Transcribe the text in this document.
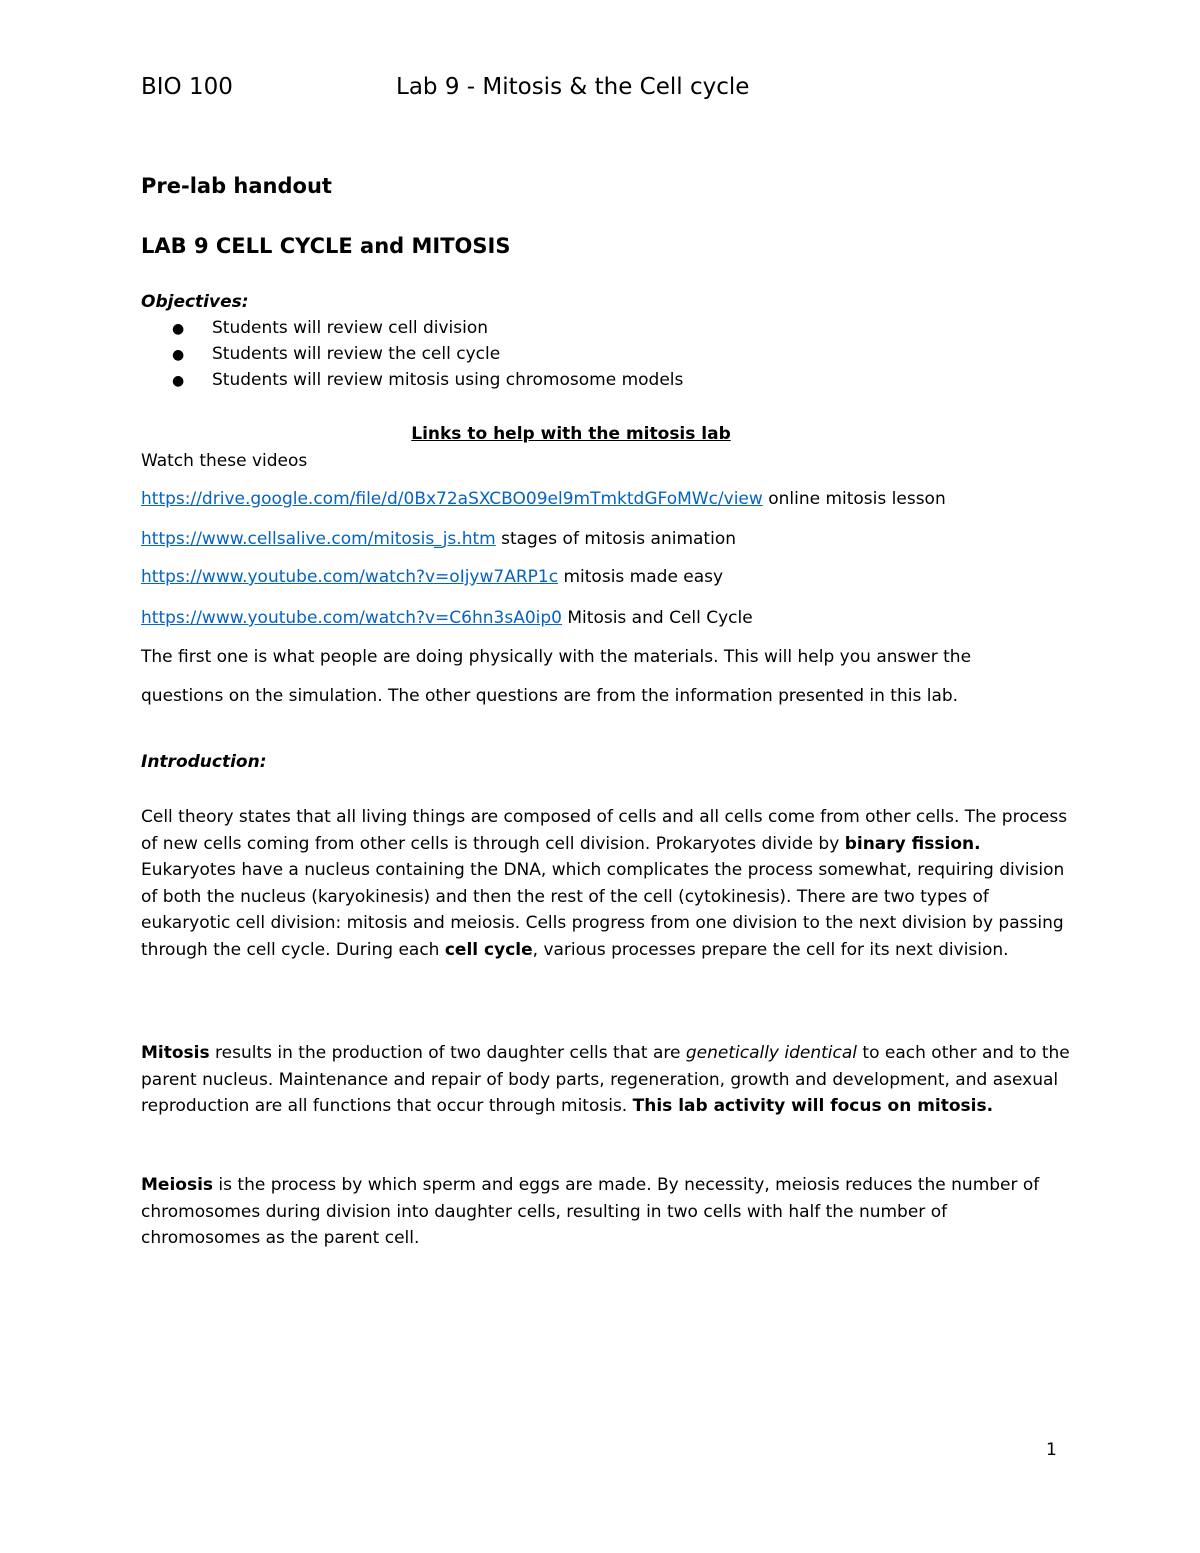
BIO 100	Lab 9 - Mitosis & the Cell cycle
Pre-lab handout
LAB 9 CELL CYCLE and MITOSIS
Objectives:
● Students will review cell division
● Students will review the cell cycle
● Students will review mitosis using chromosome models
Links to help with the mitosis lab
Watch these videos
https://drive.google.com/file/d/0Bx72aSXCBO09el9mTmktdGFoMWc/view online mitosis lesson
https://www.cellsalive.com/mitosis_js.htm stages of mitosis animation
https://www.youtube.com/watch?v=oIjyw7ARP1c mitosis made easy
https://www.youtube.com/watch?v=C6hn3sA0ip0 Mitosis and Cell Cycle
The first one is what people are doing physically with the materials. This will help you answer the
questions on the simulation. The other questions are from the information presented in this lab.
Introduction:
Cell theory states that all living things are composed of cells and all cells come from other cells. The process of new cells coming from other cells is through cell division. Prokaryotes divide by binary fission. Eukaryotes have a nucleus containing the DNA, which complicates the process somewhat, requiring division of both the nucleus (karyokinesis) and then the rest of the cell (cytokinesis). There are two types of eukaryotic cell division: mitosis and meiosis. Cells progress from one division to the next division by passing through the cell cycle. During each cell cycle, various processes prepare the cell for its next division.
Mitosis results in the production of two daughter cells that are genetically identical to each other and to the parent nucleus. Maintenance and repair of body parts, regeneration, growth and development, and asexual reproduction are all functions that occur through mitosis. This lab activity will focus on mitosis.
Meiosis is the process by which sperm and eggs are made. By necessity, meiosis reduces the number of chromosomes during division into daughter cells, resulting in two cells with half the number of chromosomes as the parent cell.
1
